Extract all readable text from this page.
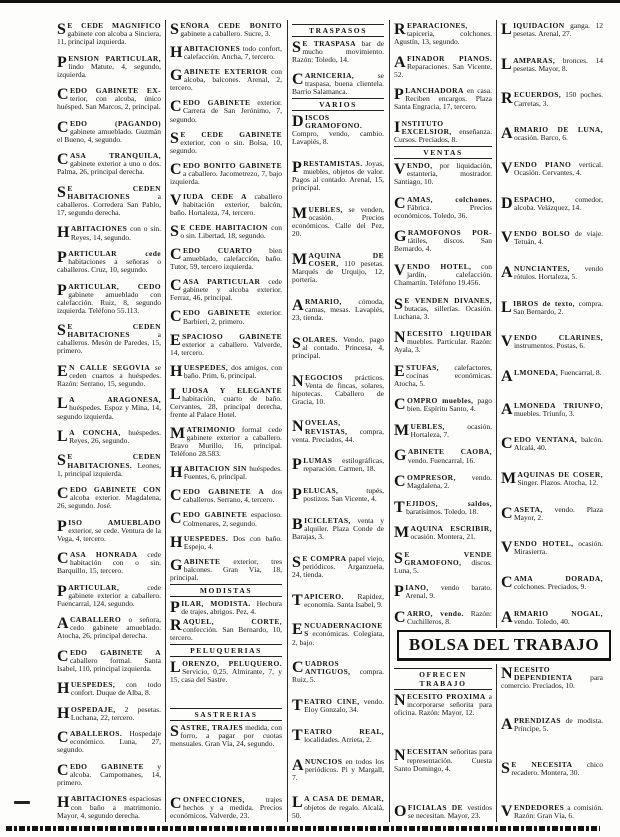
SE CEDE MAGNIFICO gabinete con alcoba a Sinciera, 11, principal izquierda.

PENSION PARTICULAR, lindo Matute, 4, segundo, izquierda.

CEDO GABINETE EX- terior, con alcoba, único huésped. San Marcos, 2, principal.

CEDO (PAGANDO) gabinete amueblado. Guzmán el Bueno, 4, segundo.

CASA TRANQUILA, gabinete exterior a uno o dos. Palma, 26, principal derecha.

SE CEDEN HABITACIONES	a caballeros. Corredera San Pablo, 17, segundo derecha.

HABITACIONES con o sin. Reyes, 14, segundo.

PARTICULAR cede habitaciones a señoras o caballeros. Cruz, 10, segundo.

PARTICULAR, CEDO gabinete amueblado con calefacción. Ruiz, 8, segundo izquierda. Teléfono 55.113.

SE CEDEN HABITACIONES	a caballeros. Mesón de Paredes, 15, primero.

EN CALLE SEGOVIA se ceden cuartos a huéspedes. Razón: Serrano, 15, segundo.

LA ARAGONESA, huéspedes. Espoz y Mina, 14, segundo izquierda.

LA CONCHA, huéspedes. Reyes, 26, segundo.

SE CEDEN HABITACIONES. Leones, 1, principal izquierda.

CEDO GABINETE CON alcoba exterior. Magdalena, 26, segundo. José.

PISO AMUEBLADO exterior, se cede. Ventura de la Vega, 4, tercero.

CASA HONRADA cede habitación con o sin. Barquillo, 15, tercero.

PARTICULAR,	cede gabinete exterior a caballero. Fuencarral, 124, segundo.

ACABALLERO o señora, cedo gabinete amueblado. Atocha, 26, principal derecha.

CEDO GABINETE A caballero formal. Santa Isabel, 110, principal izquierda.

HUESPEDES, con todo confort. Duque de Alba, 8.

HOSPEDAJE, 2 pesetas. Luchana, 22, tercero.

CABALLEROS. Hospedaje económico. Luna, 27, segundo.

CEDO GABINETE y alcoba. Campomanes, 14, primero.

HABITACIONES espaciosas con baño a matrimonio. Mayor, 4, segundo derecha.

SEÑORA CEDE BONITO gabinete a caballero. Sucre, 3.

HABITACIONES todo confort, calefacción. Ancha, 7, tercero.

GABINETE EXTERIOR con alcoba, balcones. Arenal, 2, tercero.

CEDO GABINETE exterior. Carrera de San Jerónimo, 7, segundo.

SE CEDE GABINETE exterior, con o sin. Bolsa, 10, segundo.

CEDO BONITO GABINETE a caballero. Jacometrezo, 7, bajo izquierda.

VIUDA CEDE A caballero habitación exterior, balcón, baño. Hortaleza, 74, tercero.

SE CEDE HABITACION con o sin. Libertad, 18, segundo.

CEDO CUARTO bien amueblado, calefacción, baño. Tutor, 59, tercero izquierda.

CASA PARTICULAR cede gabinete y alcoba exterior. Ferraz, 46, principal.

CEDO GABINETE exterior. Barbieri, 2, primero.

ESPACIOSO GABINETE exterior a caballero. Valverde, 14, tercero.

HUESPEDES, dos amigos, con baño. Prim, 6, principal.

LUJOSA Y ELEGANTE habitación, cuarto de baño. Cervantes, 28, principal derecha, frente al Palace Hotel.

MATRIMONIO formal cede gabinete exterior a caballero. Bravo Murillo, 16, principal. Teléfono 28.583.

HABITACION SIN huéspedes. Fuentes, 6, principal.

CEDO GABINETE A dos caballeros. Serrano, 4, tercero.

CEDO GABINETE espacioso. Colmenares, 2, segundo.

HUESPEDES. Dos con baño. Espejo, 4.

GABINETE exterior, tres balcones. Gran Vía, 18, principal.

MODISTAS

PILAR, MODISTA. Hechura de trajes, abrigos. Pez, 4.

RAQUEL, CORTE, confección. San Bernardo, 10, tercero.

PELUQUERIAS

LORENZO, PELUQUERO. Servicio, 0,25. Almirante, 7, y 15, casa del Sastre.

SASTRERIAS

SASTRE, TRAJES medida, con forro, a pagar por cuotas mensuales. Gran Vía, 24, segundo.

CONFECCIONES,	trajes hechos y a medida. Precios económicos. Valverde, 23.

TRASPASOS

SE TRASPASA bar de mucho movimiento. Razón: Toledo, 14.

CARNICERIA,	se traspasa, buena clientela. Barrio Salamanca.

VARIOS

DISCOS GRAMOFONO. Compro, vendo, cambio. Lavapiés, 8.

PRESTAMISTAS. Joyas, muebles, objetos de valor. Pagos al contado. Arenal, 15, principal.

MUEBLES, se venden, ocasión. Precios económicos. Calle del Pez, 20.

MAQUINA DE COSER, 110 pesetas. Marqués de Urquijo, 12, portería.

ARMARIO, cómoda, camas, mesas. Lavapiés, 23, tienda.

SOLARES. Vendo, pago al contado. Princesa, 4, principal.

NEGOCIOS prácticos. Venta de fincas, solares, hipotecas. Caballero de Gracia, 10.

NOVELAS, REVISTAS, compra, venta. Preciados, 44.

PLUMAS estilográficas, reparación. Carmen, 18.

PELUCAS,	tupés, postizos. San Vicente, 4.

BICICLETAS, venta y alquiler. Plaza Conde de Barajas, 3.

SE COMPRA papel viejo, periódicos. Arganzuela, 24, tienda.

TAPICERO. Rapidez, economía. Santa Isabel, 9.

ENCUADERNACIONES económicas. Colegiata, 2, bajo.

CUADROS ANTIGUOS, compra. Ruiz, 5.

TEATRO CINE, vendo. Eloy Gonzalo, 34.

TEATRO REAL, localidades. Arrieta, 2.

ANUNCIOS en todos los periódicos. Pi y Margall, 7.

LA CASA DE DEMAR, objetos de regalo. Alcalá, 50.

REPARACIONES, tapicería, colchones. Agustín, 13, segundo.

AFINADOR PIANOS. Reparaciones. San Vicente, 52.

PLANCHADORA en casa. Reciben encargos. Plaza Santa Engracia, 17, tercero.

INSTITUTO EXCELSIOR, enseñanza. Cursos. Preciados, 8.

VENTAS

VENDO, por liquidación, estantería, mostrador. Santiago, 10.

CAMAS, colchones. Fábrica. Precios económicos. Toledo, 36.

GRAMOFONOS POR- tátiles, discos. San Bernardo, 4.

VENDO HOTEL, con jardín, calefacción. Chamartín. Teléfono 19.456.

SE VENDEN DIVANES, butacas, sillerías. Ocasión. Luchana, 3.

NECESITO LIQUIDAR muebles. Particular. Razón: Ayala, 3.

ESTUFAS, calefactores, cocinas económicas. Atocha, 5.

COMPRO muebles, pago bien. Espíritu Santo, 4.

MUEBLES,	ocasión. Hortaleza, 7.

GABINETE CAOBA, vendo. Fuencarral, 16.

COMPRESOR, vendo. Magdalena, 2.

TEJIDOS, saldos, baratísimos. Toledo, 18.

MAQUINA ESCRIBIR, ocasión. Montera, 21.

SE VENDE GRAMOFONO, discos. Luna, 5.

PIANO, vendo barato. Arenal, 9.

CARRO, vendo. Razón: Cuchilleros, 8.

LIQUIDACION ganga. 12 pesetas. Arenal, 27.

LAMPARAS, bronces. 14 pesetas. Mayor, 8.

RECUERDOS, 150 poches. Carretas, 3.

ARMARIO DE LUNA, ocasión. Barco, 6.

VENDO PIANO vertical. Ocasión. Cervantes, 4.

DESPACHO,	comedor, alcoba. Velázquez, 14.

VENDO BOLSO de viaje. Tetuán, 4.

ANUNCIANTES, vendo rótulos. Hortaleza, 5.

LIBROS de texto, compra. San Bernardo, 2.

VENDO CLARINES, instrumentos. Postas, 6.

ALMONEDA, Fuencarral, 8.

ALMONEDA TRIUNFO, muebles. Triunfo, 3.

CEDO VENTANA, balcón. Alcalá, 40.

MAQUINAS DE COSER, Singer. Plazos. Atocha, 12.

CASETA, vendo. Plaza Mayor, 2.

VENDO HOTEL, ocasión. Mirasierra.

CAMA DORADA, colchones. Preciados, 9.

ARMARIO NOGAL, vendo. Toledo, 40.

BOLSA DEL TRABAJO
OFRECEN TRABAJO

NECESITO PROXIMA a incorporarse señorita para oficina. Razón: Mayor, 12.

NECESITAN señoritas para representación. Cuesta Santo Domingo, 4.

OFICIALAS DE vestidos se necesitan. Mayor, 23.

NECESITO DEPENDIENTA para comercio. Preciados, 10.

APRENDIZAS de modista. Príncipe, 5.

SE NECESITA chico recadero. Montera, 30.

VENDEDORES a comisión. Razón: Gran Vía, 6.
